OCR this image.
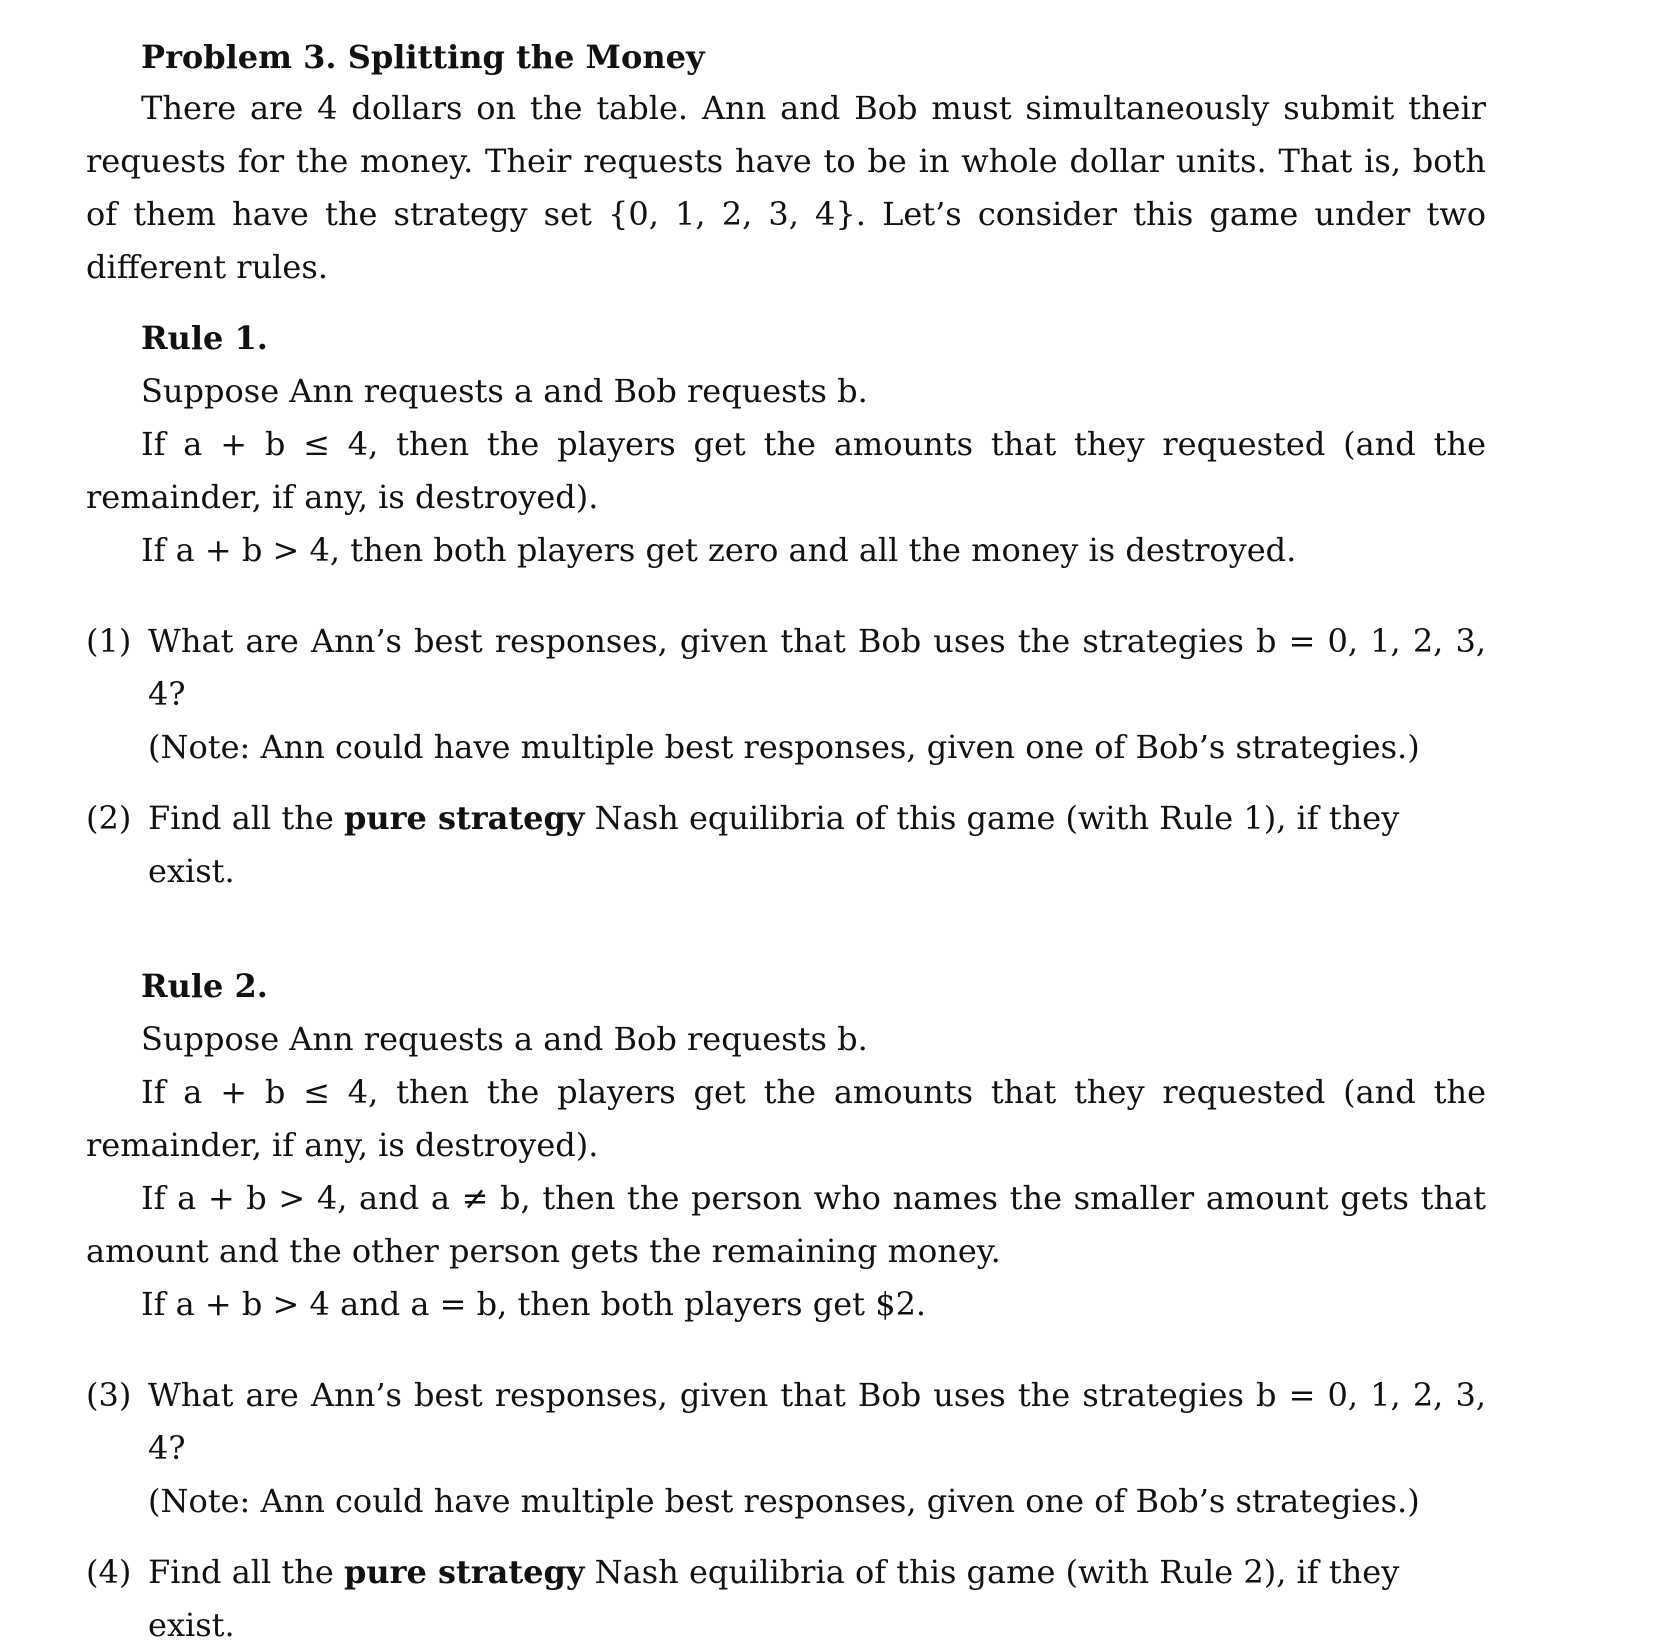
Problem 3. Splitting the Money

There are 4 dollars on the table. Ann and Bob must simultaneously submit their requests for the money. Their requests have to be in whole dollar units. That is, both of them have the strategy set {0, 1, 2, 3, 4}. Let’s consider this game under two different rules.

Rule 1.

Suppose Ann requests a and Bob requests b.

If a + b ≤ 4, then the players get the amounts that they requested (and the remainder, if any, is destroyed).

If a + b > 4, then both players get zero and all the money is destroyed.

(1) What are Ann’s best responses, given that Bob uses the strategies b = 0, 1, 2, 3, 4?

(Note: Ann could have multiple best responses, given one of Bob’s strategies.)

(2) Find all the pure strategy Nash equilibria of this game (with Rule 1), if they exist.

Rule 2.

Suppose Ann requests a and Bob requests b.

If a + b ≤ 4, then the players get the amounts that they requested (and the remainder, if any, is destroyed).

If a + b > 4, and a ≠ b, then the person who names the smaller amount gets that amount and the other person gets the remaining money.

If a + b > 4 and a = b, then both players get $2.

(3) What are Ann’s best responses, given that Bob uses the strategies b = 0, 1, 2, 3, 4?

(Note: Ann could have multiple best responses, given one of Bob’s strategies.)

(4) Find all the pure strategy Nash equilibria of this game (with Rule 2), if they exist.
